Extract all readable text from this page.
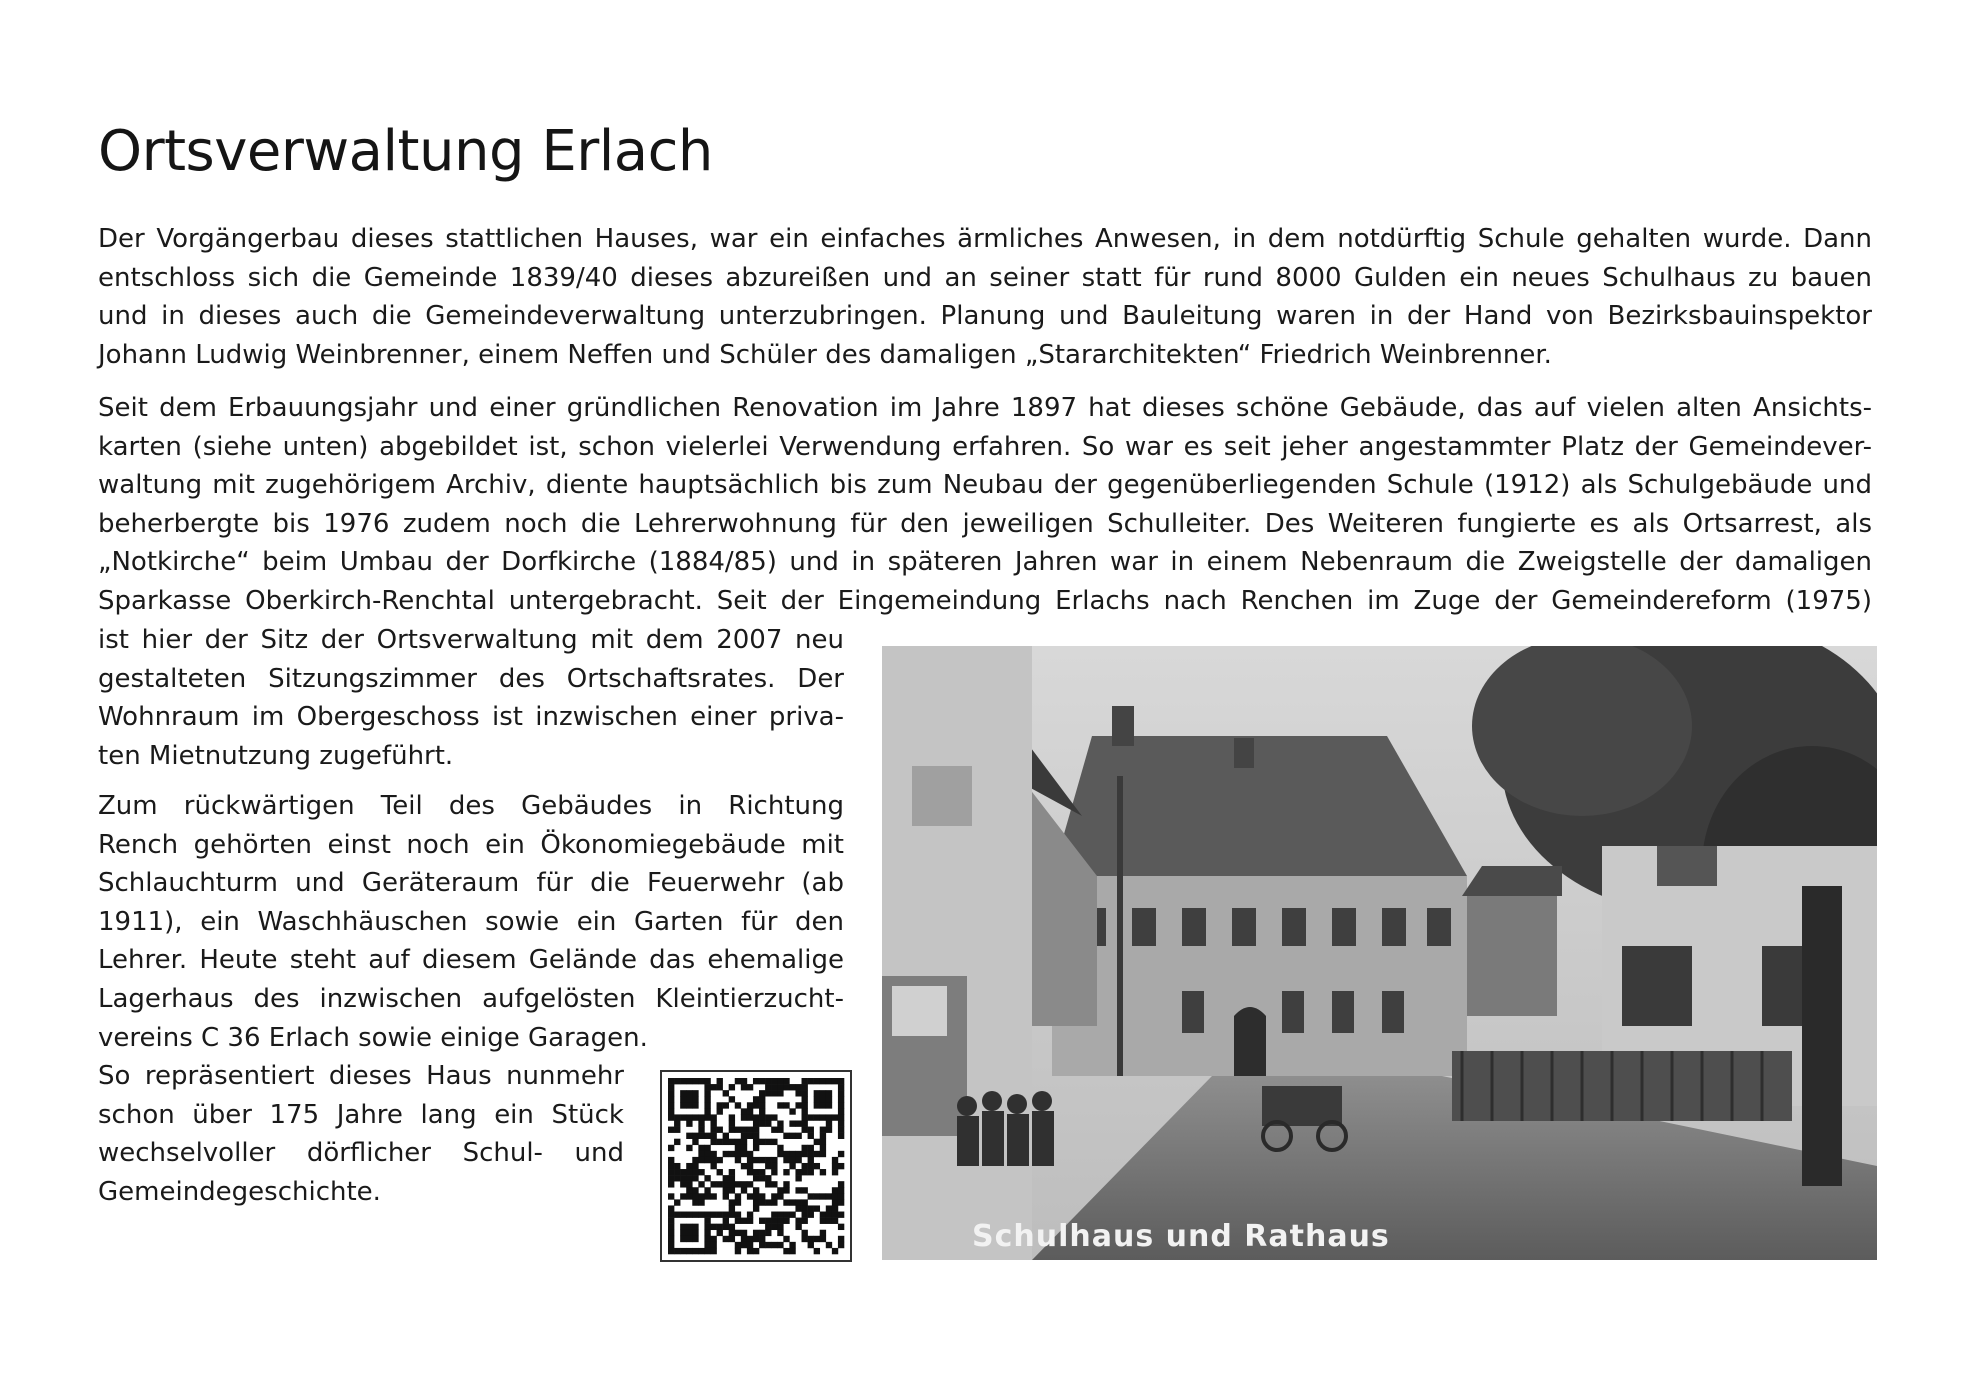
Ortsverwaltung Erlach
Der Vorgängerbau dieses stattlichen Hauses, war ein einfaches ärmliches Anwesen, in dem notdürftig Schule gehalten wurde. Dann
entschloss sich die Gemeinde 1839/40 dieses abzureißen und an seiner statt für rund 8000 Gulden ein neues Schulhaus zu bauen
und in dieses auch die Gemeindeverwaltung unterzubringen. Planung und Bauleitung waren in der Hand von Bezirksbauinspektor
Johann Ludwig Weinbrenner, einem Neffen und Schüler des damaligen „Stararchitekten“ Friedrich Weinbrenner.
Seit dem Erbauungsjahr und einer gründlichen Renovation im Jahre 1897 hat dieses schöne Gebäude, das auf vielen alten Ansichts-
karten (siehe unten) abgebildet ist, schon vielerlei Verwendung erfahren. So war es seit jeher angestammter Platz der Gemeindever-
waltung mit zugehörigem Archiv, diente hauptsächlich bis zum Neubau der gegenüberliegenden Schule (1912) als Schulgebäude und
beherbergte bis 1976 zudem noch die Lehrerwohnung für den jeweiligen Schulleiter. Des Weiteren fungierte es als Ortsarrest, als
„Notkirche“ beim Umbau der Dorfkirche (1884/85) und in späteren Jahren war in einem Nebenraum die Zweigstelle der damaligen
Sparkasse Oberkirch-Renchtal untergebracht. Seit der Eingemeindung Erlachs nach Renchen im Zuge der Gemeindereform (1975)
ist hier der Sitz der Ortsverwaltung mit dem 2007 neu
gestalteten Sitzungszimmer des Ortschaftsrates. Der
Wohnraum im Obergeschoss ist inzwischen einer priva-
ten Mietnutzung zugeführt.
Zum rückwärtigen Teil des Gebäudes in Richtung
Rench gehörten einst noch ein Ökonomiegebäude mit
Schlauchturm und Geräteraum für die Feuerwehr (ab
1911), ein Waschhäuschen sowie ein Garten für den
Lehrer. Heute steht auf diesem Gelände das ehemalige
Lagerhaus des inzwischen aufgelösten Kleintierzucht-
vereins C 36 Erlach sowie einige Garagen.
So repräsentiert dieses Haus nunmehr
schon über 175 Jahre lang ein Stück
wechselvoller dörflicher Schul- und
Gemeindegeschichte.
Schulhaus und Rathaus
